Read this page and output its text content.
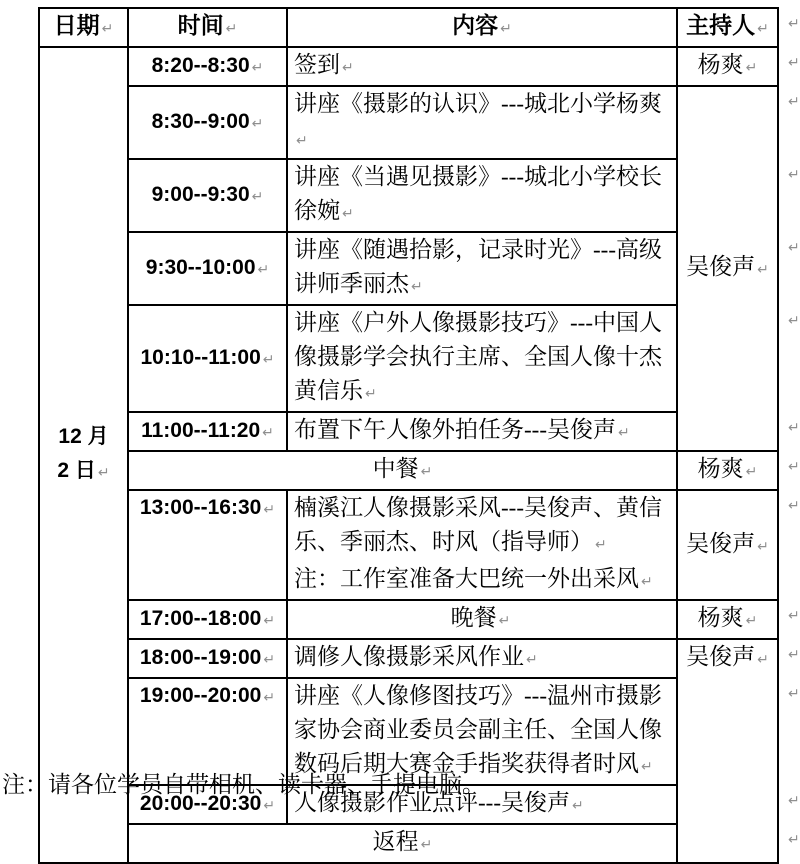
日期 ↵	时间 ↵	内容 ↵	主持人 ↵

12 月
2 日 ↵	8:20--8:30 ↵	签到 ↵	杨爽 ↵

	8:30--9:00 ↵	讲座《摄影的认识》---城北小学杨爽↵	吴俊声 ↵

	9:00--9:30 ↵	讲座《当遇见摄影》---城北小学校长
徐婉 ↵	

	9:30--10:00 ↵	讲座《随遇拾影，记录时光》---高级
讲师季丽杰 ↵	

	10:10--11:00 ↵	讲座《户外人像摄影技巧》---中国人
像摄影学会执行主席、全国人像十杰
黄信乐 ↵	

	11:00--11:20 ↵	布置下午人像外拍任务---吴俊声 ↵	

	中餐 ↵		杨爽 ↵

	13:00--16:30 ↵	楠溪江人像摄影采风---吴俊声、黄信
乐、季丽杰、时风（指导师） ↵
注：工作室准备大巴统一外出采风 ↵	吴俊声 ↵

	17:00--18:00 ↵	晚餐 ↵	杨爽 ↵

	18:00--19:00 ↵	调修人像摄影采风作业 ↵	吴俊声 ↵

	19:00--20:00 ↵	讲座《人像修图技巧》---温州市摄影
家协会商业委员会副主任、全国人像
数码后期大赛金手指奖获得者时风 ↵	

	20:00--20:30 ↵	人像摄影作业点评---吴俊声 ↵	

	返程 ↵		
注：请各位学员自带相机、读卡器、手提电脑。
↵
↵
↵
↵
↵
↵
↵
↵
↵
↵
↵
↵
↵
↵
